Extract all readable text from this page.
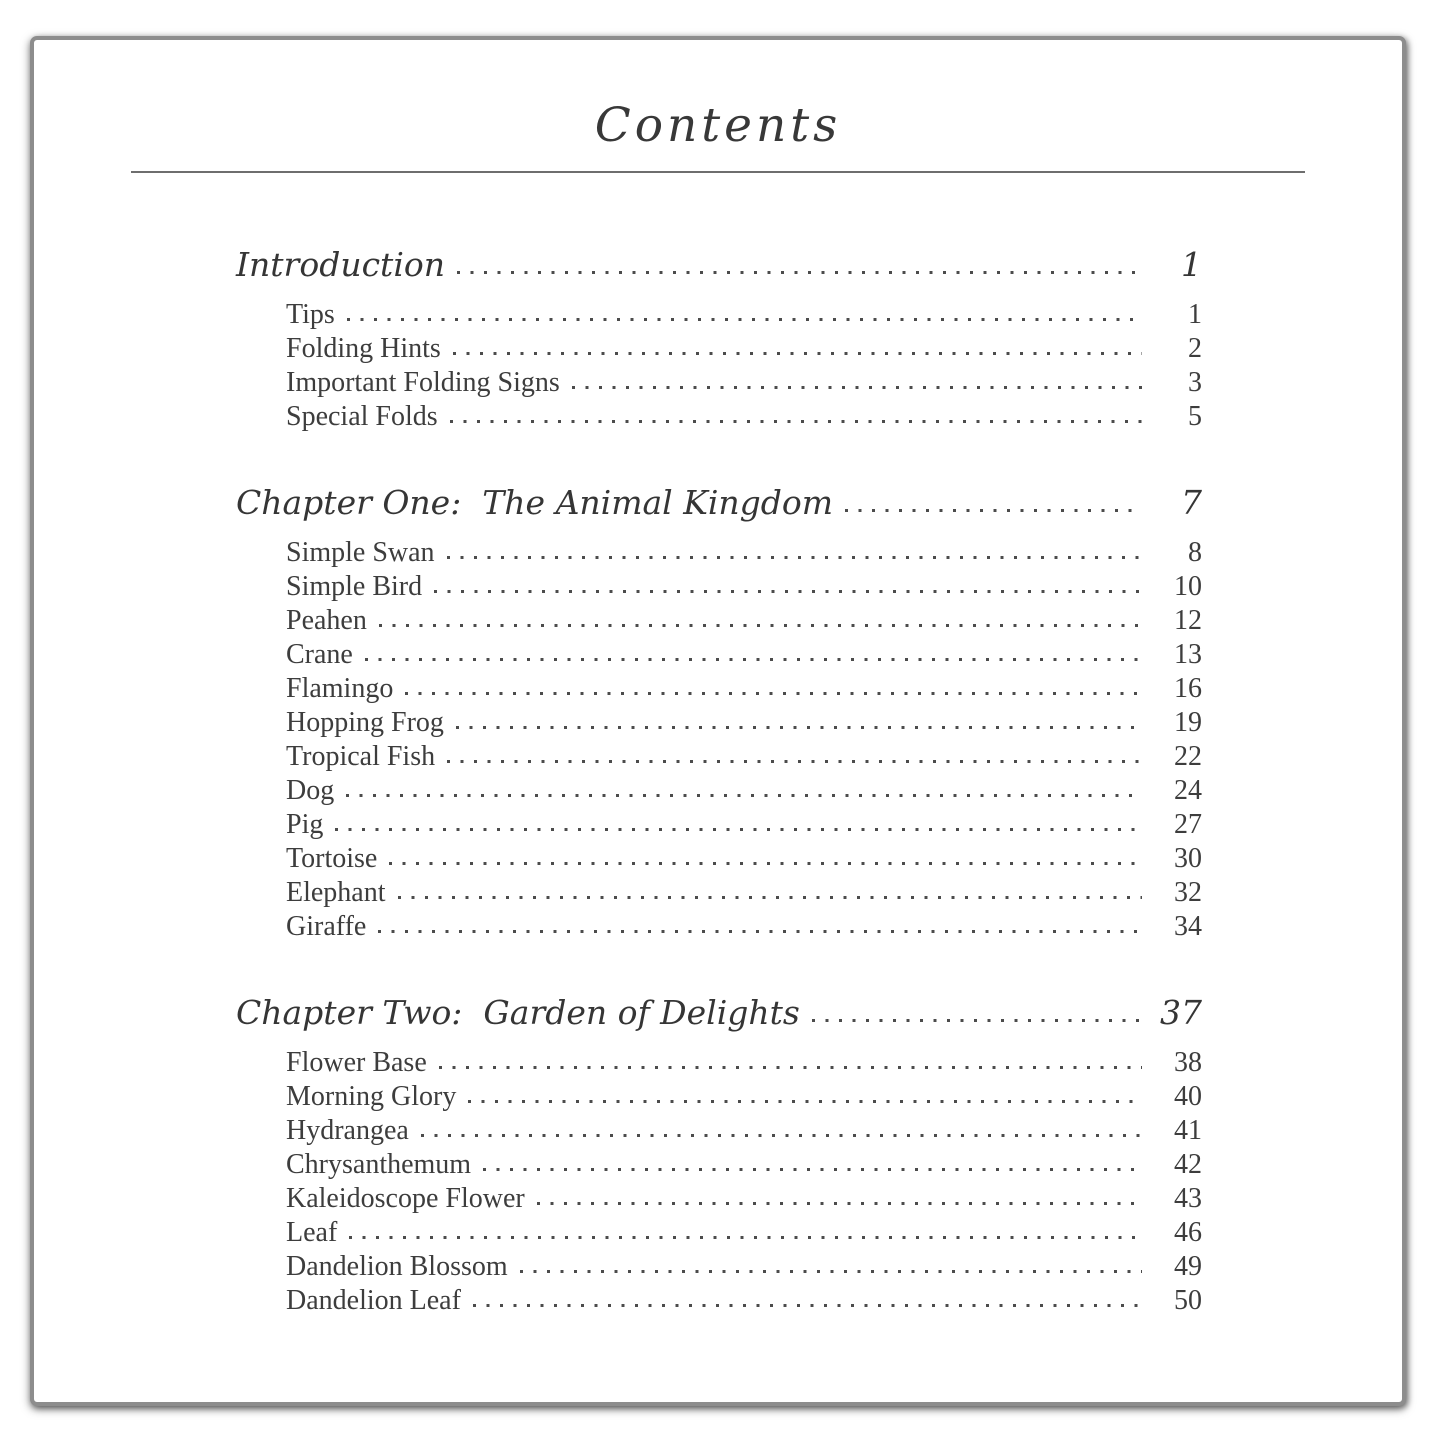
Contents
Introduction	1
Tips	1
Folding Hints	2
Important Folding Signs	3
Special Folds	5
Chapter One:  The Animal Kingdom	7
Simple Swan	8
Simple Bird	10
Peahen	12
Crane	13
Flamingo	16
Hopping Frog	19
Tropical Fish	22
Dog	24
Pig	27
Tortoise	30
Elephant	32
Giraffe	34
Chapter Two:  Garden of Delights	37
Flower Base	38
Morning Glory	40
Hydrangea	41
Chrysanthemum	42
Kaleidoscope Flower	43
Leaf	46
Dandelion Blossom	49
Dandelion Leaf	50
